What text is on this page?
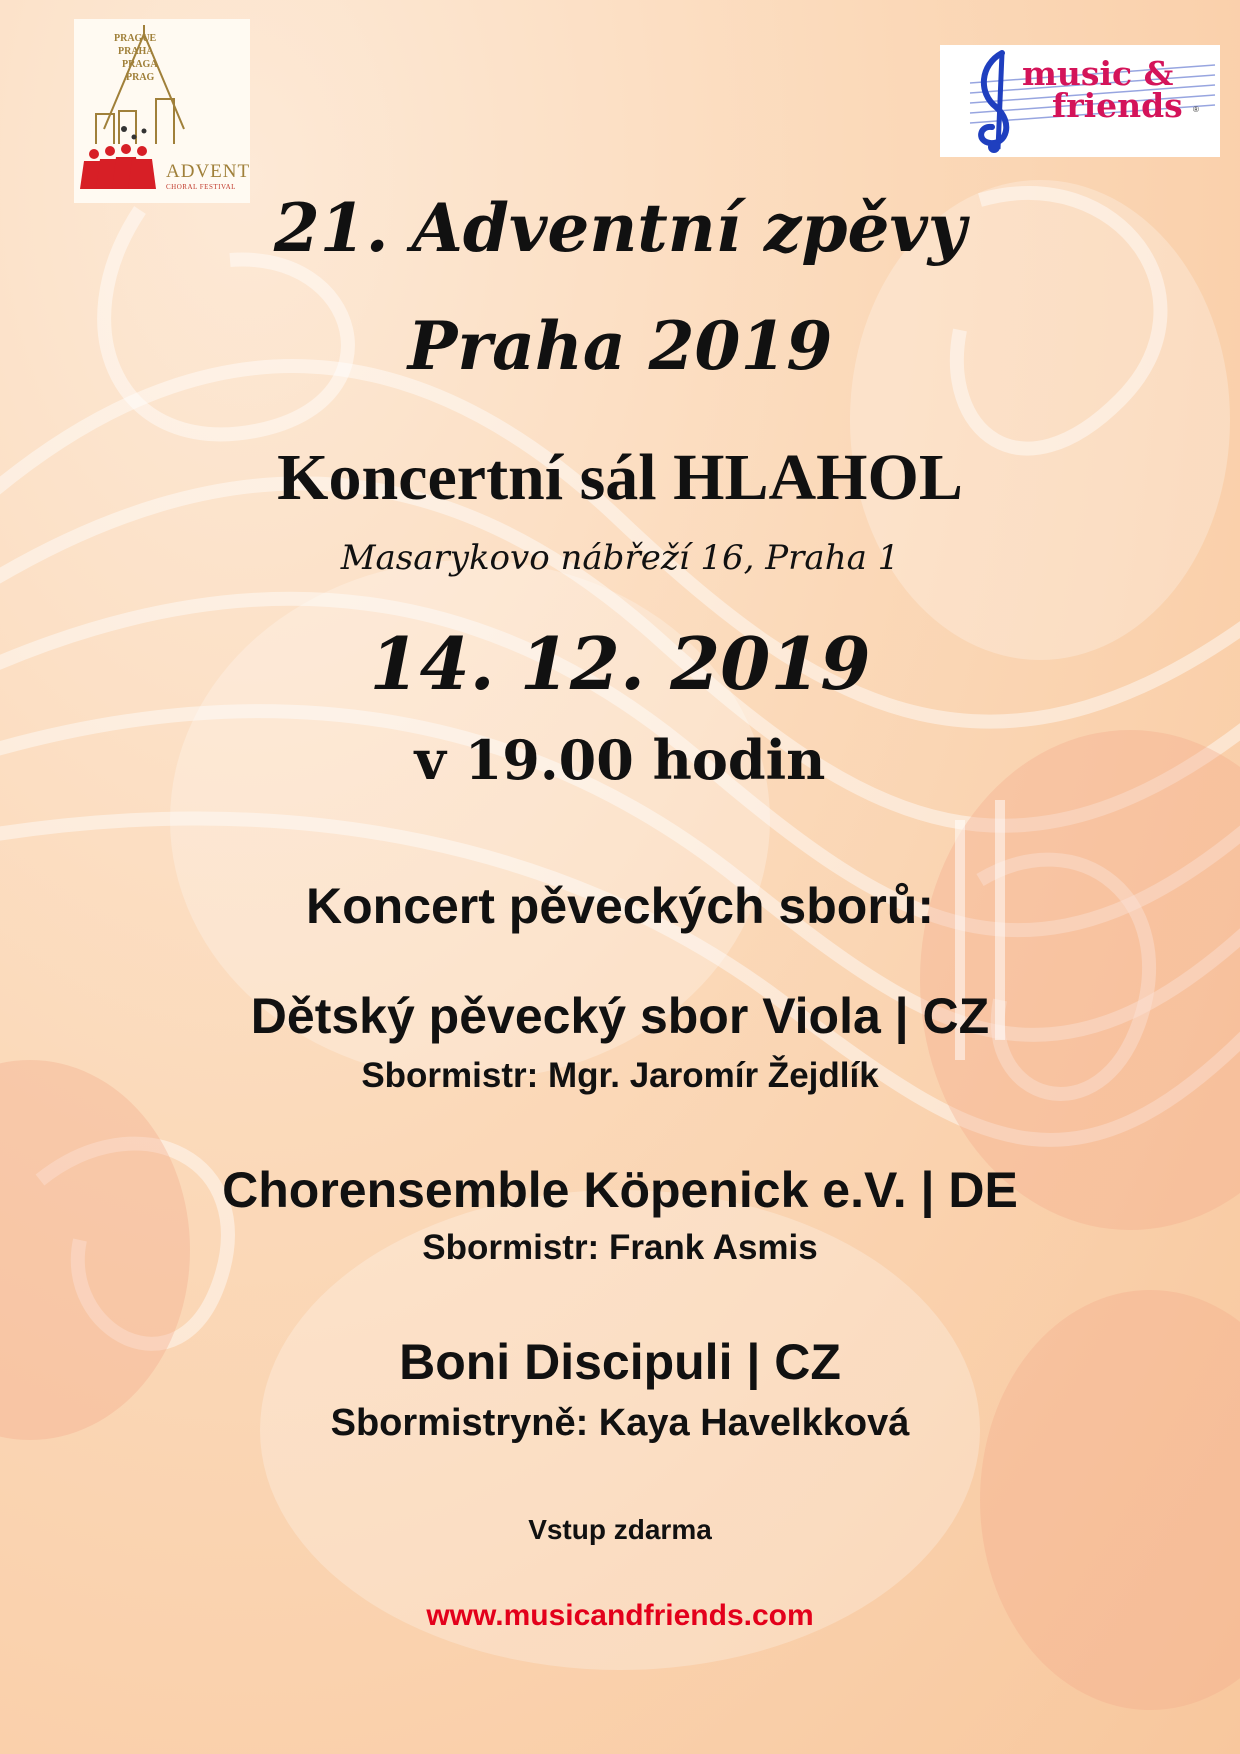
PRAGUE
PRAHA
PRAGA
PRAG
ADVENT
CHORAL FESTIVAL
music &
friends ®
21. Adventní zpěvy
Praha 2019
Koncertní sál HLAHOL
Masarykovo nábřeží 16, Praha 1
14. 12. 2019
v 19.00 hodin
Koncert pěveckých sborů:
Dětský pěvecký sbor Viola | CZ
Sbormistr: Mgr. Jaromír Žejdlík
Chorensemble Köpenick e.V. | DE
Sbormistr: Frank Asmis
Boni Discipuli | CZ
Sbormistryně: Kaya Havelkková
Vstup zdarma
www.musicandfriends.com
